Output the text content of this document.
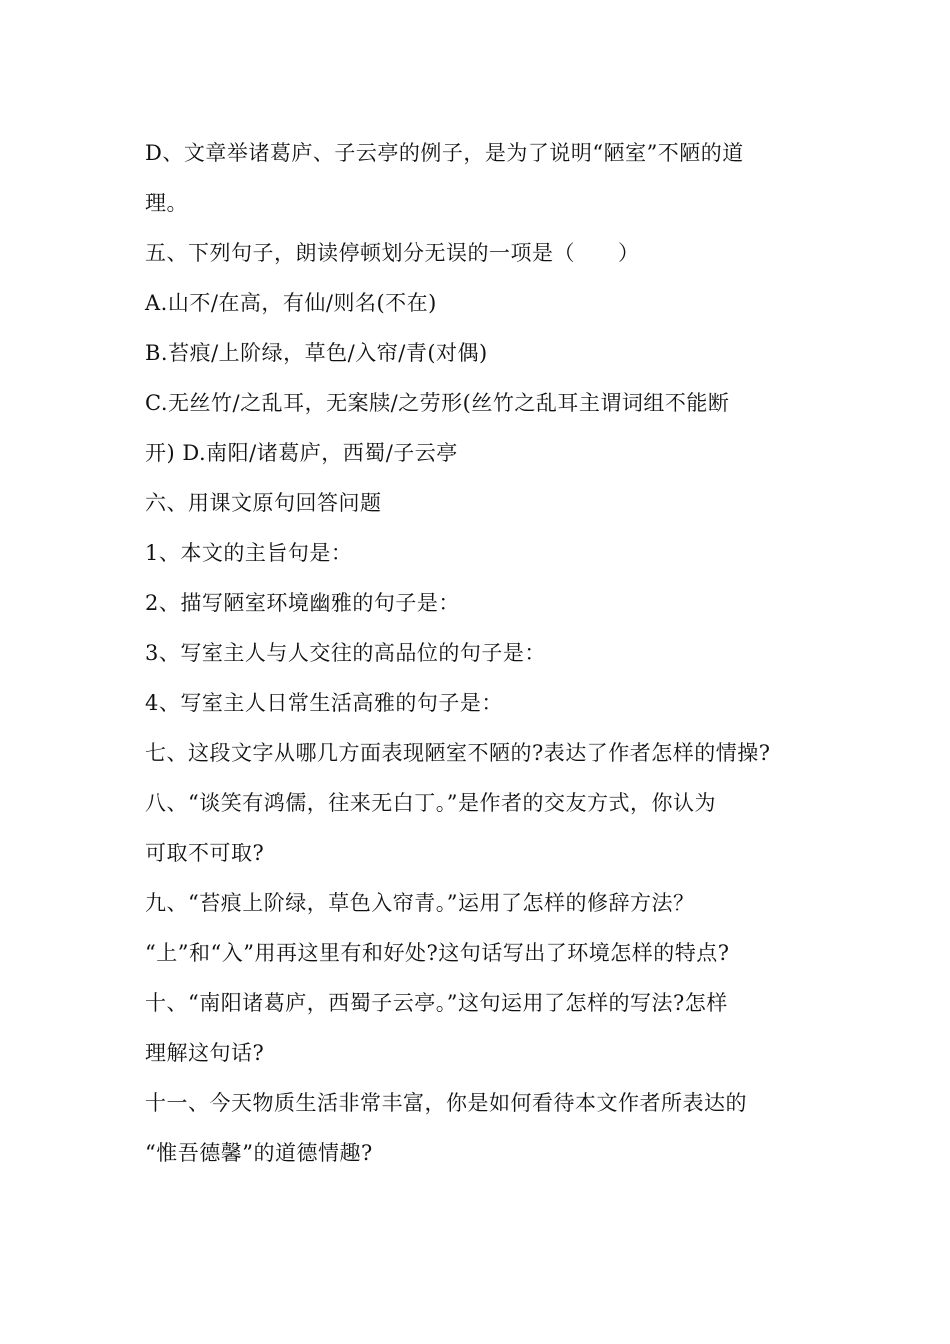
D、文章举诸葛庐、子云亭的例子，是为了说明“陋室”不陋的道
理。
五、下列句子，朗读停顿划分无误的一项是（　　）
A.山不/在高，有仙/则名(不在)
B.苔痕/上阶绿，草色/入帘/青(对偶)
C.无丝竹/之乱耳，无案牍/之劳形(丝竹之乱耳主谓词组不能断
开) D.南阳/诸葛庐，西蜀/子云亭
六、用课文原句回答问题
1、本文的主旨句是：
2、描写陋室环境幽雅的句子是：
3、写室主人与人交往的高品位的句子是：
4、写室主人日常生活高雅的句子是：
七、这段文字从哪几方面表现陋室不陋的?表达了作者怎样的情操?
八、“谈笑有鸿儒，往来无白丁。”是作者的交友方式，你认为
可取不可取?
九、“苔痕上阶绿，草色入帘青。”运用了怎样的修辞方法？
“上”和“入”用再这里有和好处?这句话写出了环境怎样的特点?
十、“南阳诸葛庐，西蜀子云亭。”这句运用了怎样的写法?怎样
理解这句话?
十一、今天物质生活非常丰富，你是如何看待本文作者所表达的
“惟吾德馨”的道德情趣?
